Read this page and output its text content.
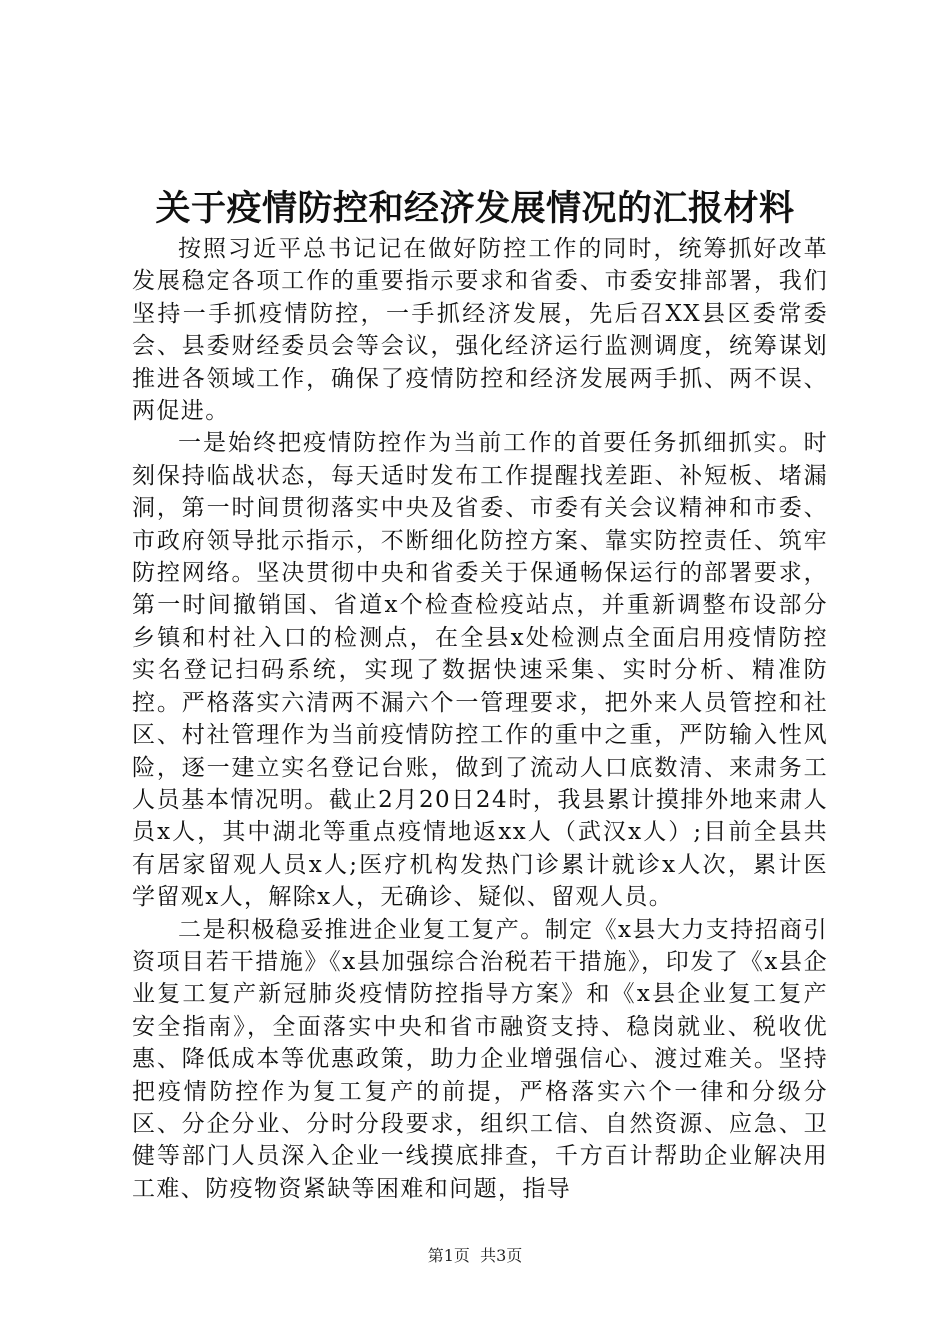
关于疫情防控和经济发展情况的汇报材料

按照习近平总书记记在做好防控工作的同时，统筹抓好改革发展稳定各项工作的重要指示要求和省委、市委安排部署，我们坚持一手抓疫情防控，一手抓经济发展，先后召XX县区委常委会、县委财经委员会等会议，强化经济运行监测调度，统筹谋划推进各领域工作，确保了疫情防控和经济发展两手抓、两不误、两促进。

一是始终把疫情防控作为当前工作的首要任务抓细抓实。时刻保持临战状态，每天适时发布工作提醒找差距、补短板、堵漏洞，第一时间贯彻落实中央及省委、市委有关会议精神和市委、市政府领导批示指示，不断细化防控方案、靠实防控责任、筑牢防控网络。坚决贯彻中央和省委关于保通畅保运行的部署要求，第一时间撤销国、省道x个检查检疫站点，并重新调整布设部分乡镇和村社入口的检测点，在全县x处检测点全面启用疫情防控实名登记扫码系统，实现了数据快速采集、实时分析、精准防控。严格落实六清两不漏六个一管理要求，把外来人员管控和社区、村社管理作为当前疫情防控工作的重中之重，严防输入性风险，逐一建立实名登记台账，做到了流动人口底数清、来肃务工人员基本情况明。截止2月20日24时，我县累计摸排外地来肃人员x人，其中湖北等重点疫情地返xx人（武汉x人）;目前全县共有居家留观人员x人;医疗机构发热门诊累计就诊x人次，累计医学留观x人，解除x人，无确诊、疑似、留观人员。

二是积极稳妥推进企业复工复产。制定《x县大力支持招商引资项目若干措施》《x县加强综合治税若干措施》，印发了《x县企业复工复产新冠肺炎疫情防控指导方案》和《x县企业复工复产安全指南》，全面落实中央和省市融资支持、稳岗就业、税收优惠、降低成本等优惠政策，助力企业增强信心、渡过难关。坚持把疫情防控作为复工复产的前提，严格落实六个一律和分级分区、分企分业、分时分段要求，组织工信、自然资源、应急、卫健等部门人员深入企业一线摸底排查，千方百计帮助企业解决用工难、防疫物资紧缺等困难和问题，指导

第1页  共3页
